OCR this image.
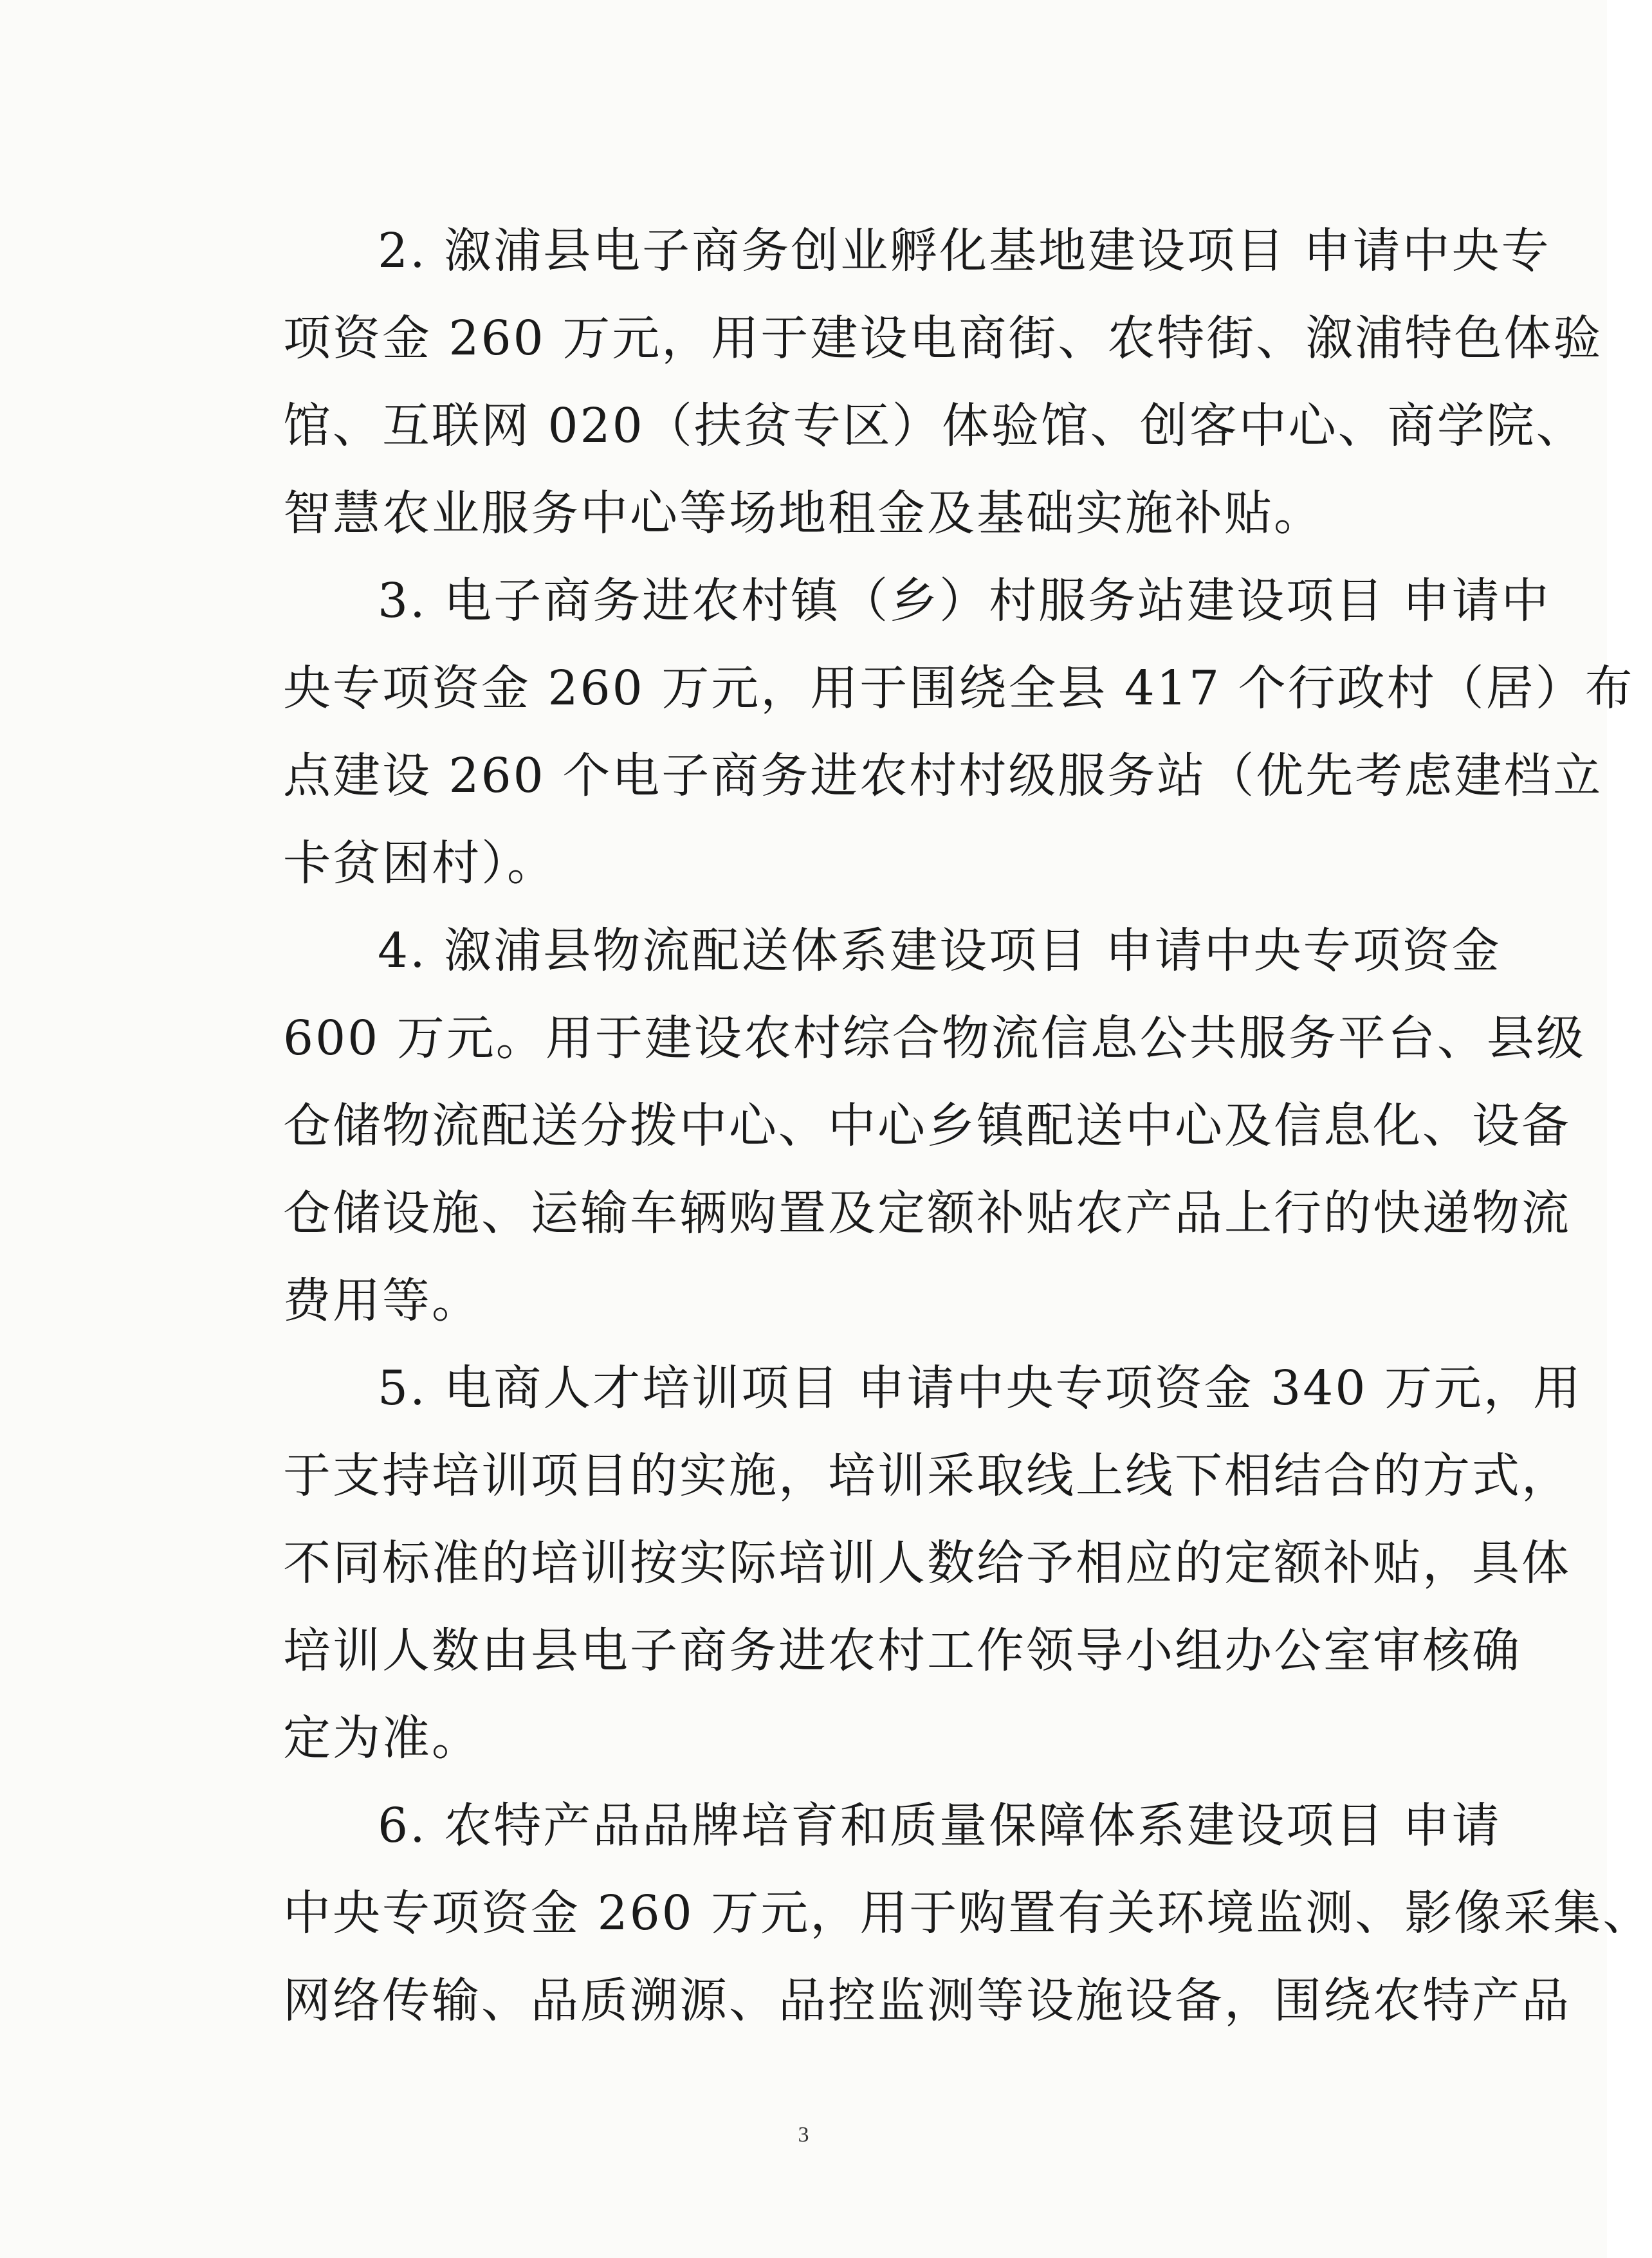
2. 溆浦县电子商务创业孵化基地建设项目 申请中央专
项资金 260 万元，用于建设电商街、农特街、溆浦特色体验
馆、互联网 020（扶贫专区）体验馆、创客中心、商学院、
智慧农业服务中心等场地租金及基础实施补贴。
3. 电子商务进农村镇（乡）村服务站建设项目 申请中
央专项资金 260 万元，用于围绕全县 417 个行政村（居）布
点建设 260 个电子商务进农村村级服务站（优先考虑建档立
卡贫困村）。
4. 溆浦县物流配送体系建设项目 申请中央专项资金
600 万元。用于建设农村综合物流信息公共服务平台、县级
仓储物流配送分拨中心、中心乡镇配送中心及信息化、设备
仓储设施、运输车辆购置及定额补贴农产品上行的快递物流
费用等。
5. 电商人才培训项目 申请中央专项资金 340 万元，用
于支持培训项目的实施，培训采取线上线下相结合的方式，
不同标准的培训按实际培训人数给予相应的定额补贴，具体
培训人数由县电子商务进农村工作领导小组办公室审核确
定为准。
6. 农特产品品牌培育和质量保障体系建设项目 申请
中央专项资金 260 万元，用于购置有关环境监测、影像采集、
网络传输、品质溯源、品控监测等设施设备，围绕农特产品
3
